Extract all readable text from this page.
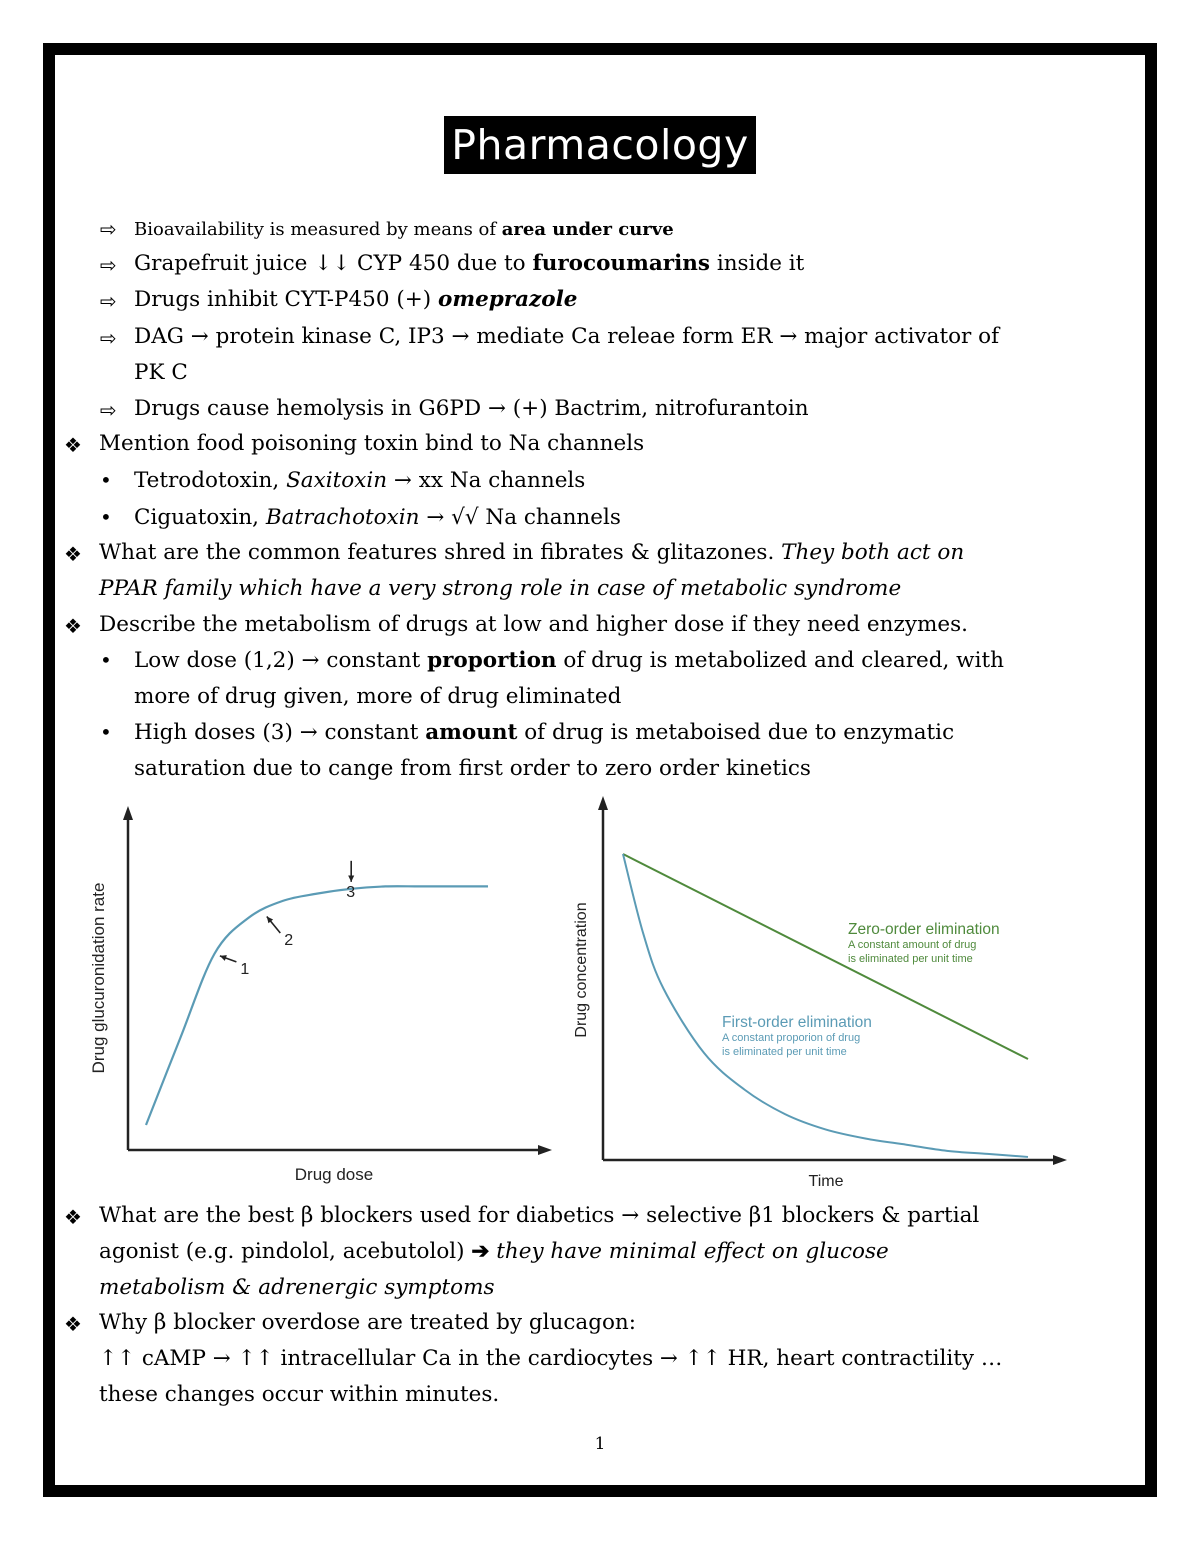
Pharmacology
⇨ Bioavailability is measured by means of area under curve
⇨ Grapefruit juice ↓↓ CYP 450 due to furocoumarins inside it
⇨ Drugs inhibit CYT-P450 (+) omeprazole
⇨ DAG → protein kinase C, IP3 → mediate Ca releae form ER → major activator of
PK C
⇨ Drugs cause hemolysis in G6PD → (+) Bactrim, nitrofurantoin
❖ Mention food poisoning toxin bind to Na channels
• Tetrodotoxin, Saxitoxin → xx Na channels
• Ciguatoxin, Batrachotoxin → √√ Na channels
❖ What are the common features shred in fibrates & glitazones. They both act on
PPAR family which have a very strong role in case of metabolic syndrome
❖ Describe the metabolism of drugs at low and higher dose if they need enzymes.
• Low dose (1,2) → constant proportion of drug is metabolized and cleared, with
more of drug given, more of drug eliminated
• High doses (3) → constant amount of drug is metaboised due to enzymatic
saturation due to cange from first order to zero order kinetics
1
2
3
Drug dose
Drug glucuronidation rate	Zero-order elimination
A constant amount of drug
is eliminated per unit time
First-order elimination
A constant proporion of drug
is eliminated per unit time
Time
Drug concentration
❖ What are the best β blockers used for diabetics → selective β1 blockers & partial
agonist (e.g. pindolol, acebutolol) ➔ they have minimal effect on glucose
metabolism & adrenergic symptoms
❖ Why β blocker overdose are treated by glucagon:
↑↑ cAMP → ↑↑ intracellular Ca in the cardiocytes → ↑↑ HR, heart contractility …
these changes occur within minutes.
1
